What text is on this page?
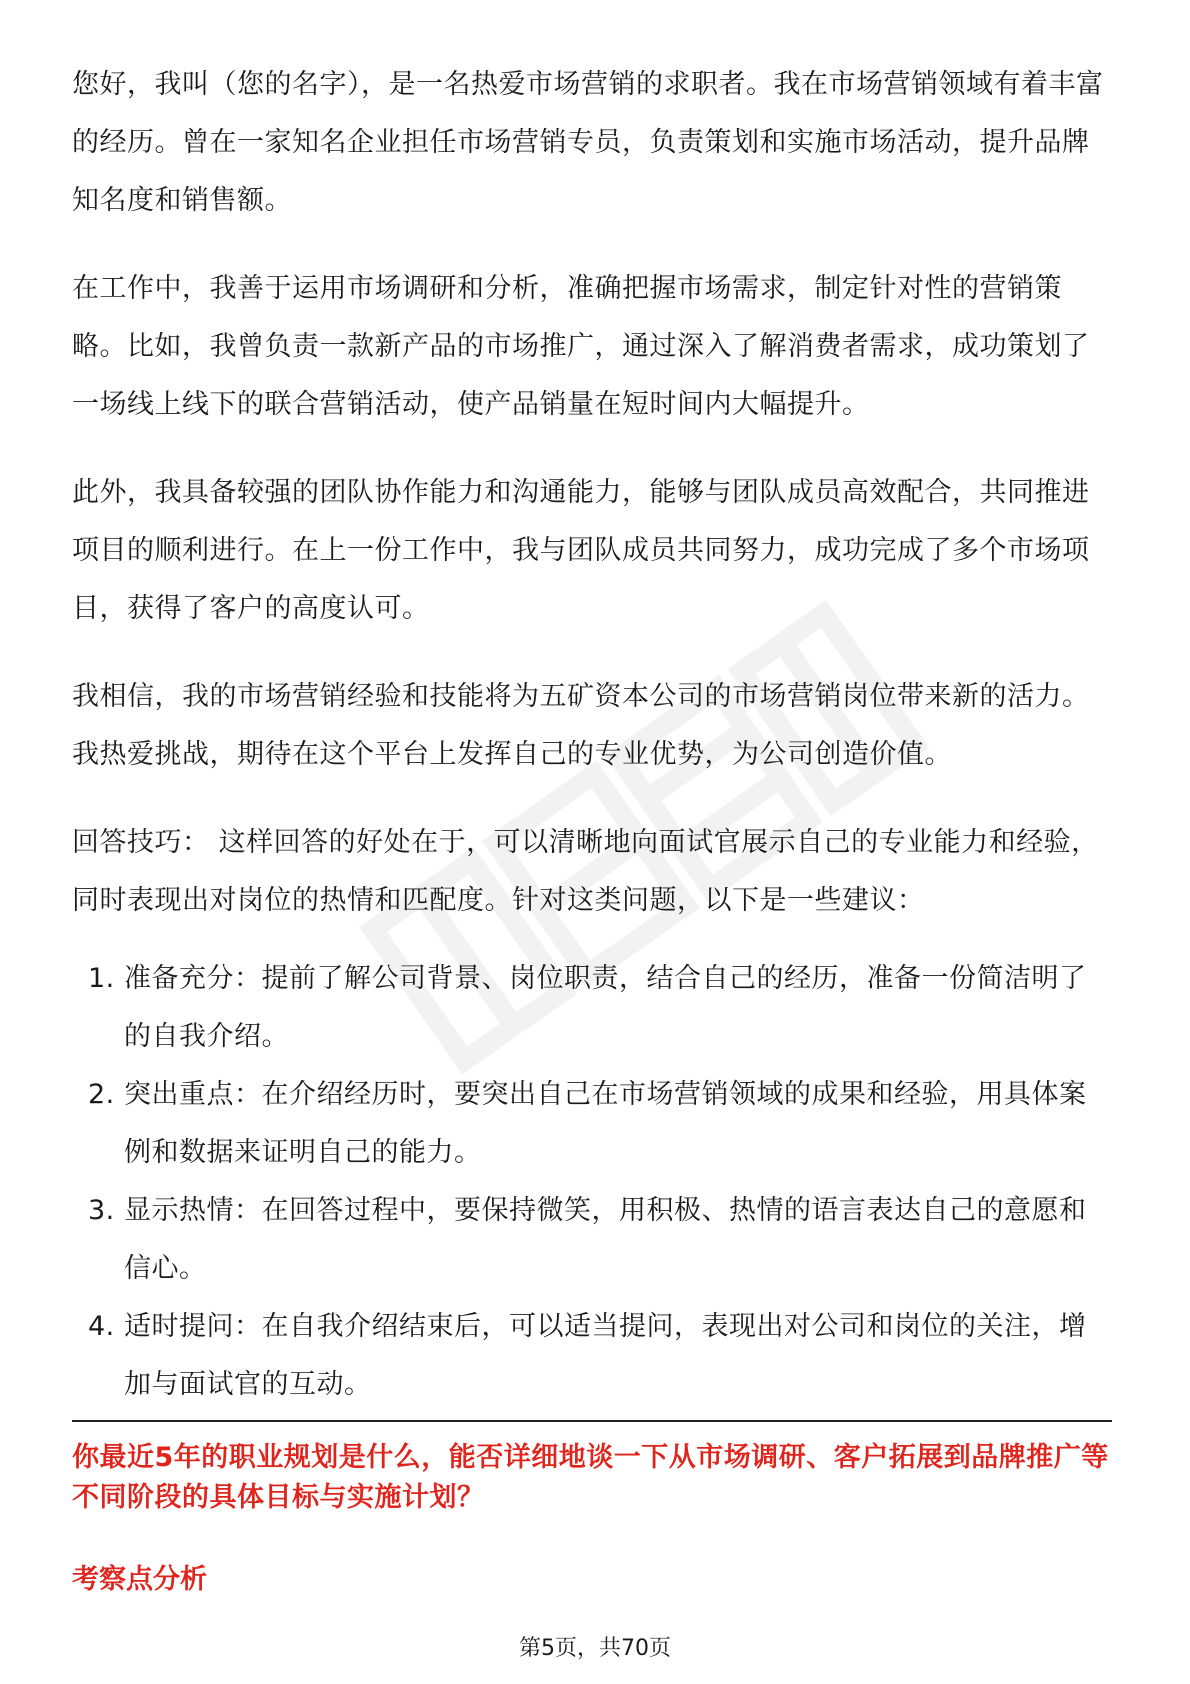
您好，我叫（您的名字），是一名热爱市场营销的求职者。我在市场营销领域有着丰富的经历。曾在一家知名企业担任市场营销专员，负责策划和实施市场活动，提升品牌知名度和销售额。

在工作中，我善于运用市场调研和分析，准确把握市场需求，制定针对性的营销策略。比如，我曾负责一款新产品的市场推广，通过深入了解消费者需求，成功策划了一场线上线下的联合营销活动，使产品销量在短时间内大幅提升。

此外，我具备较强的团队协作能力和沟通能力，能够与团队成员高效配合，共同推进项目的顺利进行。在上一份工作中，我与团队成员共同努力，成功完成了多个市场项目，获得了客户的高度认可。

我相信，我的市场营销经验和技能将为五矿资本公司的市场营销岗位带来新的活力。我热爱挑战，期待在这个平台上发挥自己的专业优势，为公司创造价值。

回答技巧： 这样回答的好处在于，可以清晰地向面试官展示自己的专业能力和经验，同时表现出对岗位的热情和匹配度。针对这类问题，以下是一些建议：

1. 准备充分：提前了解公司背景、岗位职责，结合自己的经历，准备一份简洁明了的自我介绍。
2. 突出重点：在介绍经历时，要突出自己在市场营销领域的成果和经验，用具体案例和数据来证明自己的能力。
3. 显示热情：在回答过程中，要保持微笑，用积极、热情的语言表达自己的意愿和信心。
4. 适时提问：在自我介绍结束后，可以适当提问，表现出对公司和岗位的关注，增加与面试官的互动。
你最近5年的职业规划是什么，能否详细地谈一下从市场调研、客户拓展到品牌推广等不同阶段的具体目标与实施计划？
考察点分析
第5页，共70页
